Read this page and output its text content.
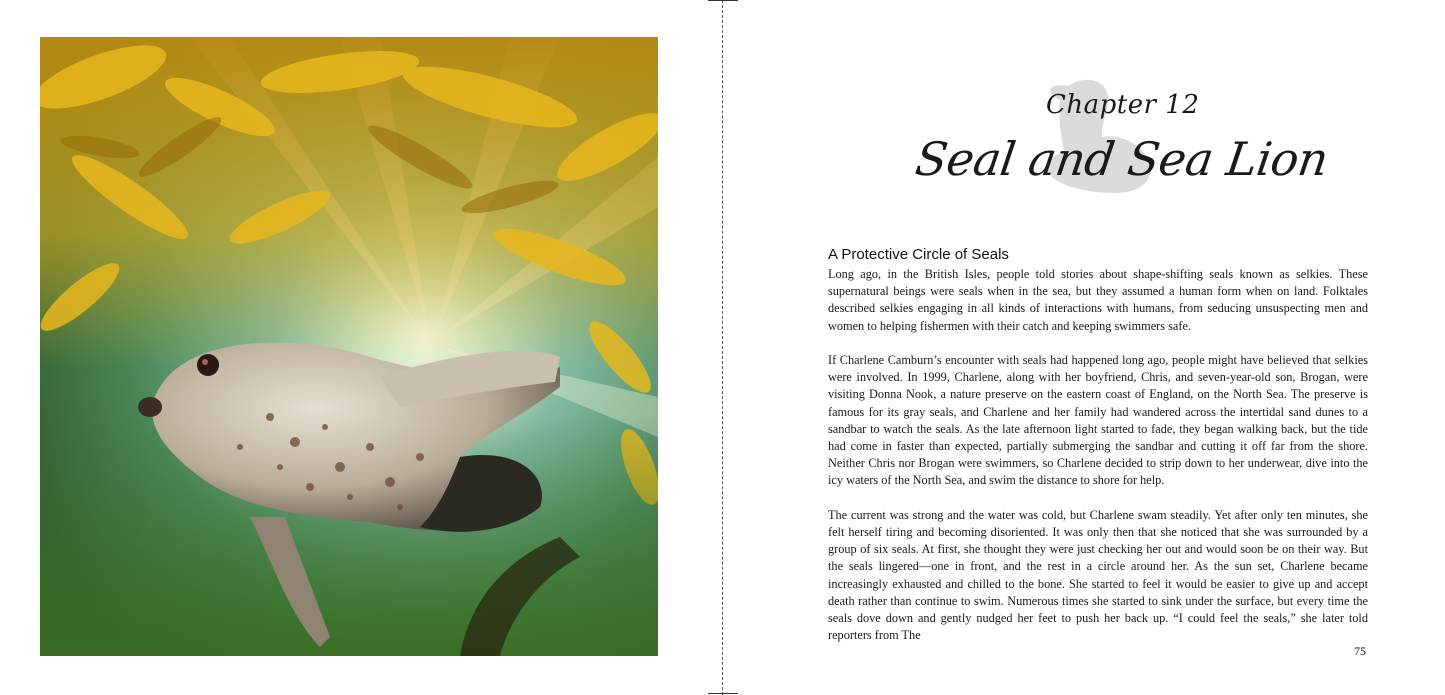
Chapter 12
Seal and Sea Lion
A Protective Circle of Seals

Long ago, in the British Isles, people told stories about shape-shifting seals known as selkies. These supernatural beings were seals when in the sea, but they assumed a human form when on land. Folktales described selkies engaging in all kinds of interactions with humans, from seducing unsuspecting men and women to helping fishermen with their catch and keeping swimmers safe.

If Charlene Camburn’s encounter with seals had happened long ago, people might have believed that selkies were involved. In 1999, Charlene, along with her boyfriend, Chris, and seven-year-old son, Brogan, were visiting Donna Nook, a nature preserve on the eastern coast of England, on the North Sea. The preserve is famous for its gray seals, and Charlene and her family had wandered across the intertidal sand dunes to a sandbar to watch the seals. As the late afternoon light started to fade, they began walking back, but the tide had come in faster than expected, partially submerging the sandbar and cutting it off far from the shore. Neither Chris nor Brogan were swimmers, so Charlene decided to strip down to her underwear, dive into the icy waters of the North Sea, and swim the distance to shore for help.

The current was strong and the water was cold, but Charlene swam steadily. Yet after only ten minutes, she felt herself tiring and becoming disoriented. It was only then that she noticed that she was surrounded by a group of six seals. At first, she thought they were just checking her out and would soon be on their way. But the seals lingered—one in front, and the rest in a circle around her. As the sun set, Charlene became increasingly exhausted and chilled to the bone. She started to feel it would be easier to give up and accept death rather than continue to swim. Numerous times she started to sink under the surface, but every time the seals dove down and gently nudged her feet to push her back up. “I could feel the seals,” she later told reporters from The

75
